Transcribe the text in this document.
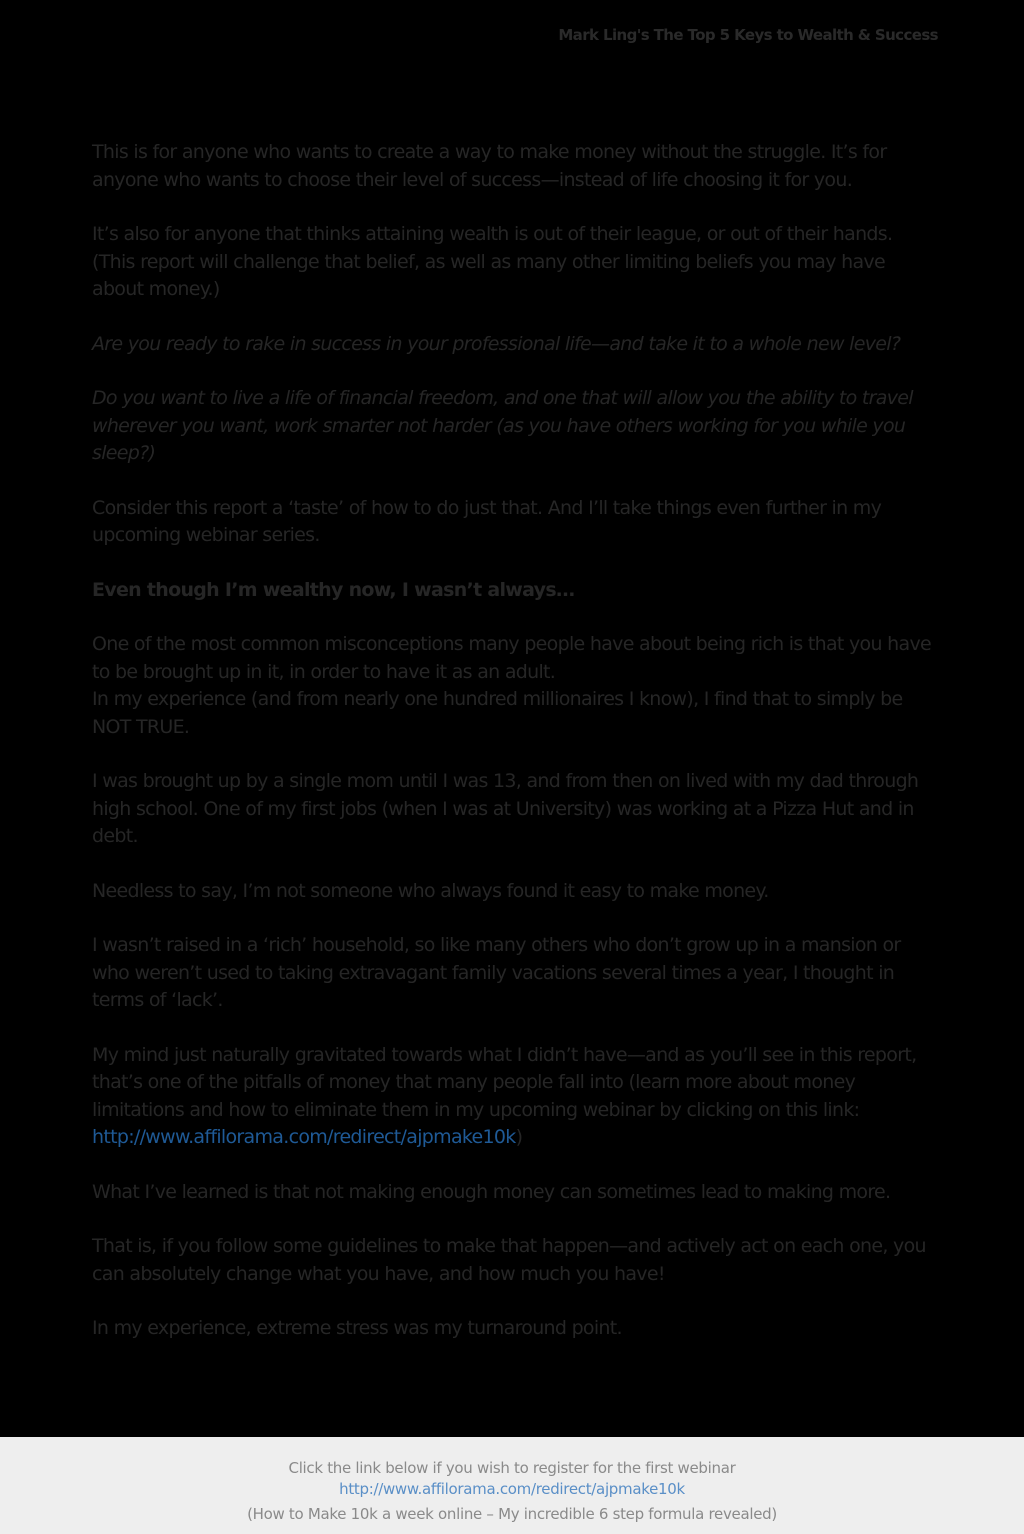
Mark Ling's The Top 5 Keys to Wealth & Success

This is for anyone who wants to create a way to make money without the struggle. It’s for anyone who wants to choose their level of success—instead of life choosing it for you.

It’s also for anyone that thinks attaining wealth is out of their league, or out of their hands. (This report will challenge that belief, as well as many other limiting beliefs you may have about money.)

Are you ready to rake in success in your professional life—and take it to a whole new level?

Do you want to live a life of financial freedom, and one that will allow you the ability to travel wherever you want, work smarter not harder (as you have others working for you while you sleep?)

Consider this report a ‘taste’ of how to do just that. And I’ll take things even further in my upcoming webinar series.

Even though I’m wealthy now, I wasn’t always…

One of the most common misconceptions many people have about being rich is that you have to be brought up in it, in order to have it as an adult.

In my experience (and from nearly one hundred millionaires I know), I find that to simply be NOT TRUE.

I was brought up by a single mom until I was 13, and from then on lived with my dad through high school. One of my first jobs (when I was at University) was working at a Pizza Hut and in debt.

Needless to say, I’m not someone who always found it easy to make money.

I wasn’t raised in a ‘rich’ household, so like many others who don’t grow up in a mansion or who weren’t used to taking extravagant family vacations several times a year, I thought in terms of ‘lack’.

My mind just naturally gravitated towards what I didn’t have—and as you’ll see in this report, that’s one of the pitfalls of money that many people fall into (learn more about money limitations and how to eliminate them in my upcoming webinar by clicking on this link: http://www.affilorama.com/redirect/ajpmake10k)

What I’ve learned is that not making enough money can sometimes lead to making more.

That is, if you follow some guidelines to make that happen—and actively act on each one, you can absolutely change what you have, and how much you have!

In my experience, extreme stress was my turnaround point.

Click the link below if you wish to register for the first webinar
http://www.affilorama.com/redirect/ajpmake10k
(How to Make 10k a week online – My incredible 6 step formula revealed)
